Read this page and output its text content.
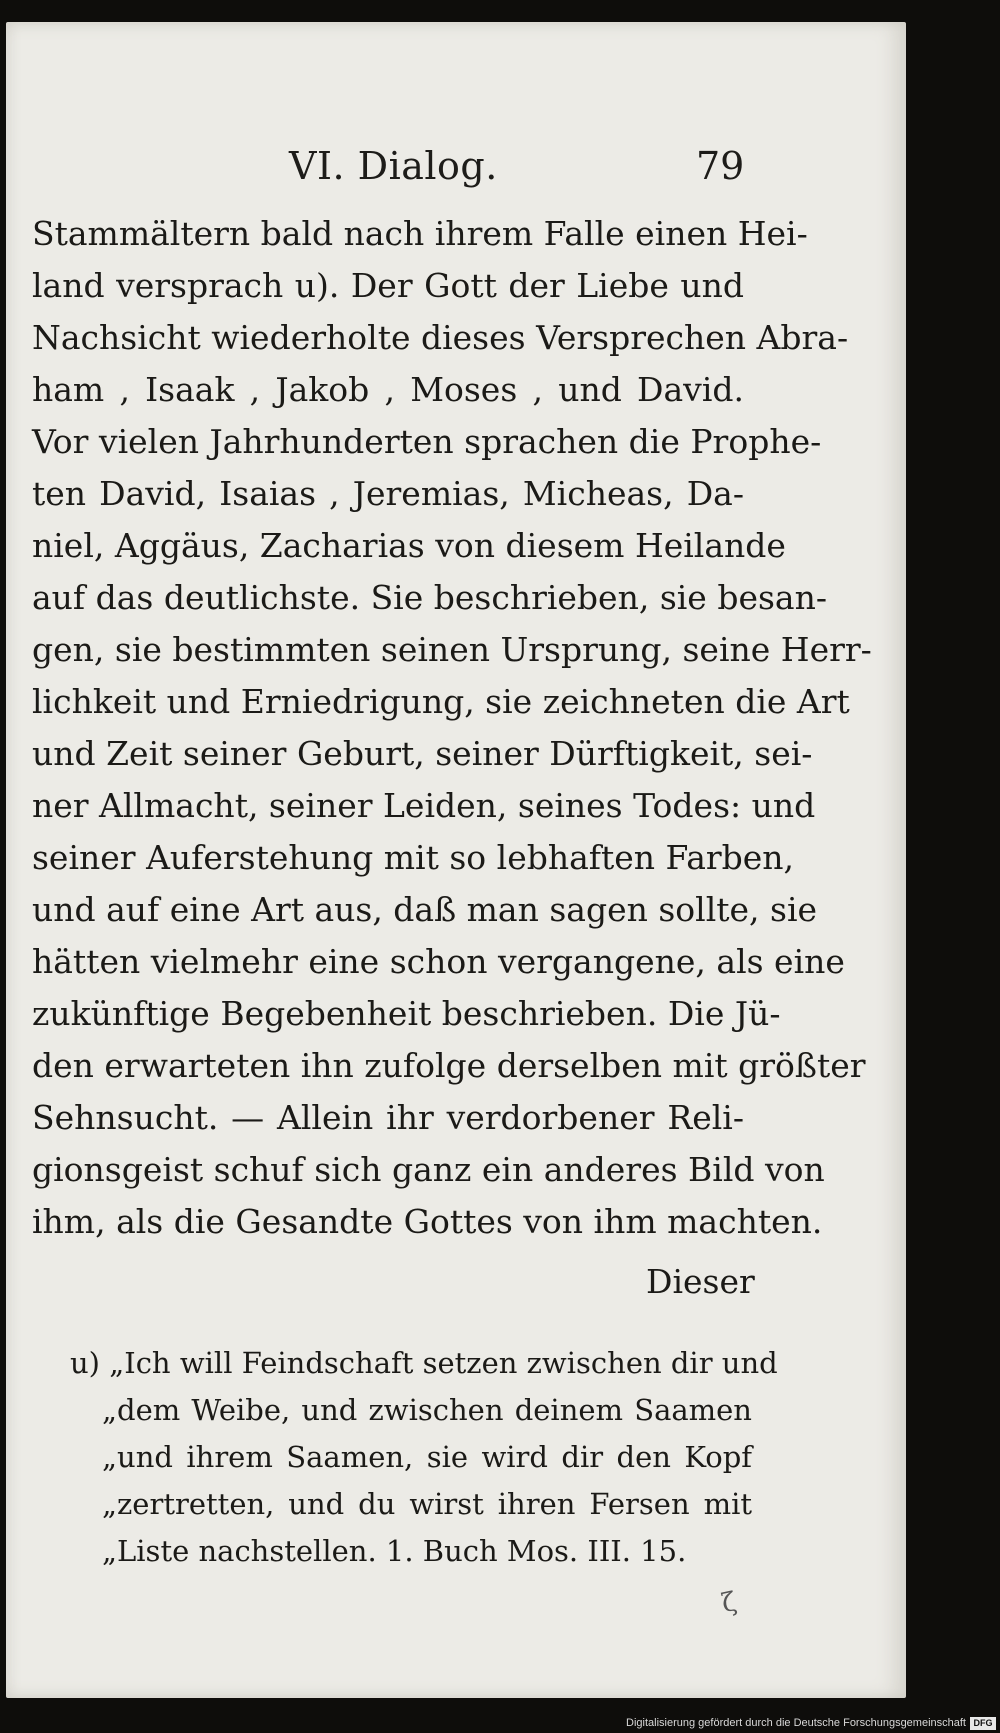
VI. Dialog.	79
Stammältern bald nach ihrem Falle einen Hei-
land versprach u). Der Gott der Liebe und
Nachsicht wiederholte dieses Versprechen Abra-
ham , Isaak , Jakob , Moses , und David.
Vor vielen Jahrhunderten sprachen die Prophe-
ten David, Isaias , Jeremias, Micheas, Da-
niel, Aggäus, Zacharias von diesem Heilande
auf das deutlichste. Sie beschrieben, sie besan-
gen, sie bestimmten seinen Ursprung, seine Herr-
lichkeit und Erniedrigung, sie zeichneten die Art
und Zeit seiner Geburt, seiner Dürftigkeit, sei-
ner Allmacht, seiner Leiden, seines Todes: und
seiner Auferstehung mit so lebhaften Farben,
und auf eine Art aus, daß man sagen sollte, sie
hätten vielmehr eine schon vergangene, als eine
zukünftige Begebenheit beschrieben. Die Jü-
den erwarteten ihn zufolge derselben mit größter
Sehnsucht. — Allein ihr verdorbener Reli-
gionsgeist schuf sich ganz ein anderes Bild von
ihm, als die Gesandte Gottes von ihm machten.
Dieser
u) „Ich will Feindschaft setzen zwischen dir und
„dem Weibe, und zwischen deinem Saamen
„und ihrem Saamen, sie wird dir den Kopf
„zertretten, und du wirst ihren Fersen mit
„Liste nachstellen. 1. Buch Mos. III. 15.
ζ
Digitalisierung gefördert durch die Deutsche Forschungsgemeinschaft DFG
